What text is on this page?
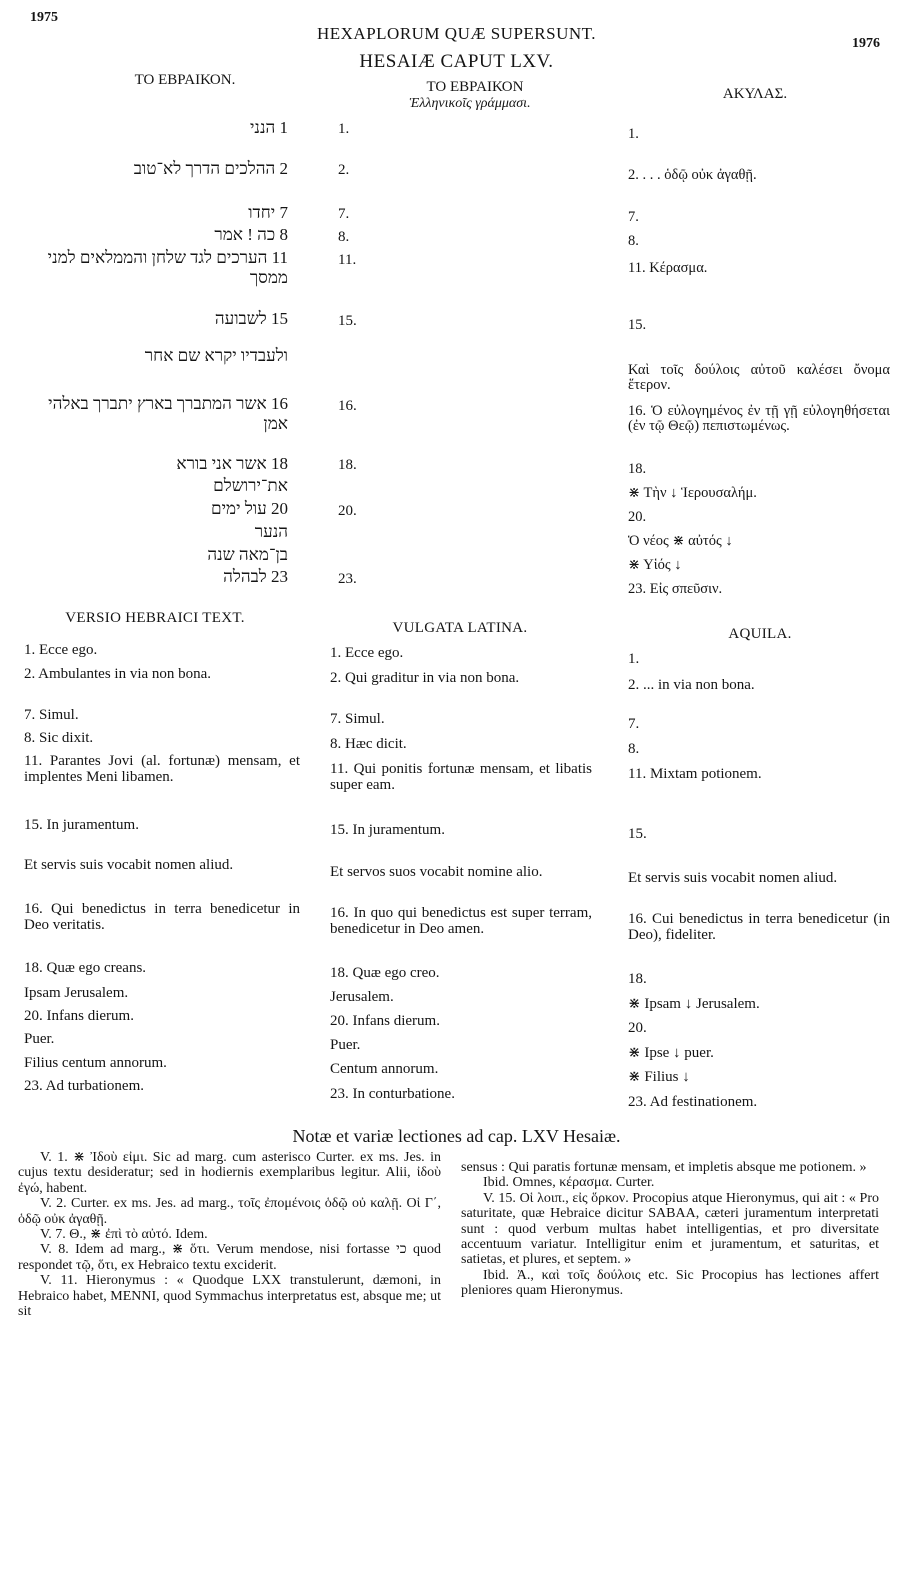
1975
1976
HEXAPLORUM QUÆ SUPERSUNT.
HESAIÆ CAPUT LXV.
ΤΟ ΕΒΡΑΙΚΟΝ.	ΤΟ ΕΒΡΑΙΚΟΝ
Ἑλληνικοῖς γράμμασι.
ΑΚΥΛΑΣ.
1 הנני
2 ההלכים הדרך לא־טוב
7 יחדו
8 כה ! אמר
11 הערכים לגד שלחן והממלאים למני ממסך
15 לשבועה
ולעבדיו יקרא שם אחר
16 אשר המתברך בארץ יתברך באלהי אמן
18 אשר אני בורא
את־ירושלם
20 עול ימים
הנער
בן־מאה שנה
23 לבהלה
1.
2.
7.
8.
11.
15.
16.
18.
20.
23.
1.
2. . . . ὁδῷ οὐκ ἀγαθῇ.
7.
8.
11. Κέρασμα.
15.
Καὶ τοῖς δούλοις αὐτοῦ καλέσει ὄνομα ἕτερον.
16. Ὁ εὐλογημένος ἐν τῇ γῇ εὐλογηθήσεται (ἐν τῷ Θεῷ) πεπιστωμένως.
18.
⋇ Τὴν ↓ Ἱερουσαλήμ.
20.
Ὁ νέος ⋇ αὐτός ↓
⋇ Υἱός ↓
23. Εἰς σπεῦσιν.
VERSIO HEBRAICI TEXT.
VULGATA LATINA.	AQUILA.
1. Ecce ego.
2. Ambulantes in via non bona.
7. Simul.
8. Sic dixit.
11. Parantes Jovi (al. fortunæ) mensam, et implentes Meni libamen.
15. In juramentum.
Et servis suis vocabit nomen aliud.
16. Qui benedictus in terra benedicetur in Deo veritatis.
18. Quæ ego creans.
Ipsam Jerusalem.
20. Infans dierum.
Puer.
Filius centum annorum.
23. Ad turbationem.
1. Ecce ego.
2. Qui graditur in via non bona.
7. Simul.
8. Hæc dicit.
11. Qui ponitis fortunæ mensam, et libatis super eam.
15. In juramentum.
Et servos suos vocabit nomine alio.
16. In quo qui benedictus est super terram, benedicetur in Deo amen.
18. Quæ ego creo.
Jerusalem.
20. Infans dierum.
Puer.
Centum annorum.
23. In conturbatione.
1.
2. ... in via non bona.
7.
8.
11. Mixtam potionem.
15.
Et servis suis vocabit nomen aliud.
16. Cui benedictus in terra benedicetur (in Deo), fideliter.
18.
⋇ Ipsam ↓ Jerusalem.
20.
⋇ Ipse ↓ puer.
⋇ Filius ↓
23. Ad festinationem.
Notæ et variæ lectiones ad cap. LXV Hesaiæ.

V. 1. ⋇ Ἰδοὺ εἰμι. Sic ad marg. cum asterisco Curter. ex ms. Jes. in cujus textu desideratur; sed in hodiernis exemplaribus legitur. Alii, ἰδοὺ ἐγώ, habent.

V. 2. Curter. ex ms. Jes. ad marg., τοῖς ἐπομένοις ὁδῷ οὐ καλῇ. Οἱ Γ΄, ὁδῷ οὐκ ἀγαθῇ.

V. 7. Θ., ⋇ ἐπὶ τὸ αὐτό. Idem.

V. 8. Idem ad marg., ⋇ ὅτι. Verum mendose, nisi fortasse כי quod respondet τῷ, ὅτι, ex Hebraico textu exciderit.

V. 11. Hieronymus : « Quodque LXX transtulerunt, dæmoni, in Hebraico habet, MENNI, quod Symmachus interpretatus est, absque me; ut sit

sensus : Qui paratis fortunæ mensam, et impletis absque me potionem. »

Ibid. Omnes, κέρασμα. Curter.

V. 15. Οἱ λοιπ., εἰς ὅρκον. Procopius atque Hieronymus, qui ait : « Pro saturitate, quæ Hebraice dicitur SABAA, cæteri juramentum interpretati sunt : quod verbum multas habet intelligentias, et pro diversitate accentuum variatur. Intelligitur enim et juramentum, et saturitas, et satietas, et plures, et septem. »

Ibid. Ἀ., καὶ τοῖς δούλοις etc. Sic Procopius has lectiones affert pleniores quam Hieronymus.
